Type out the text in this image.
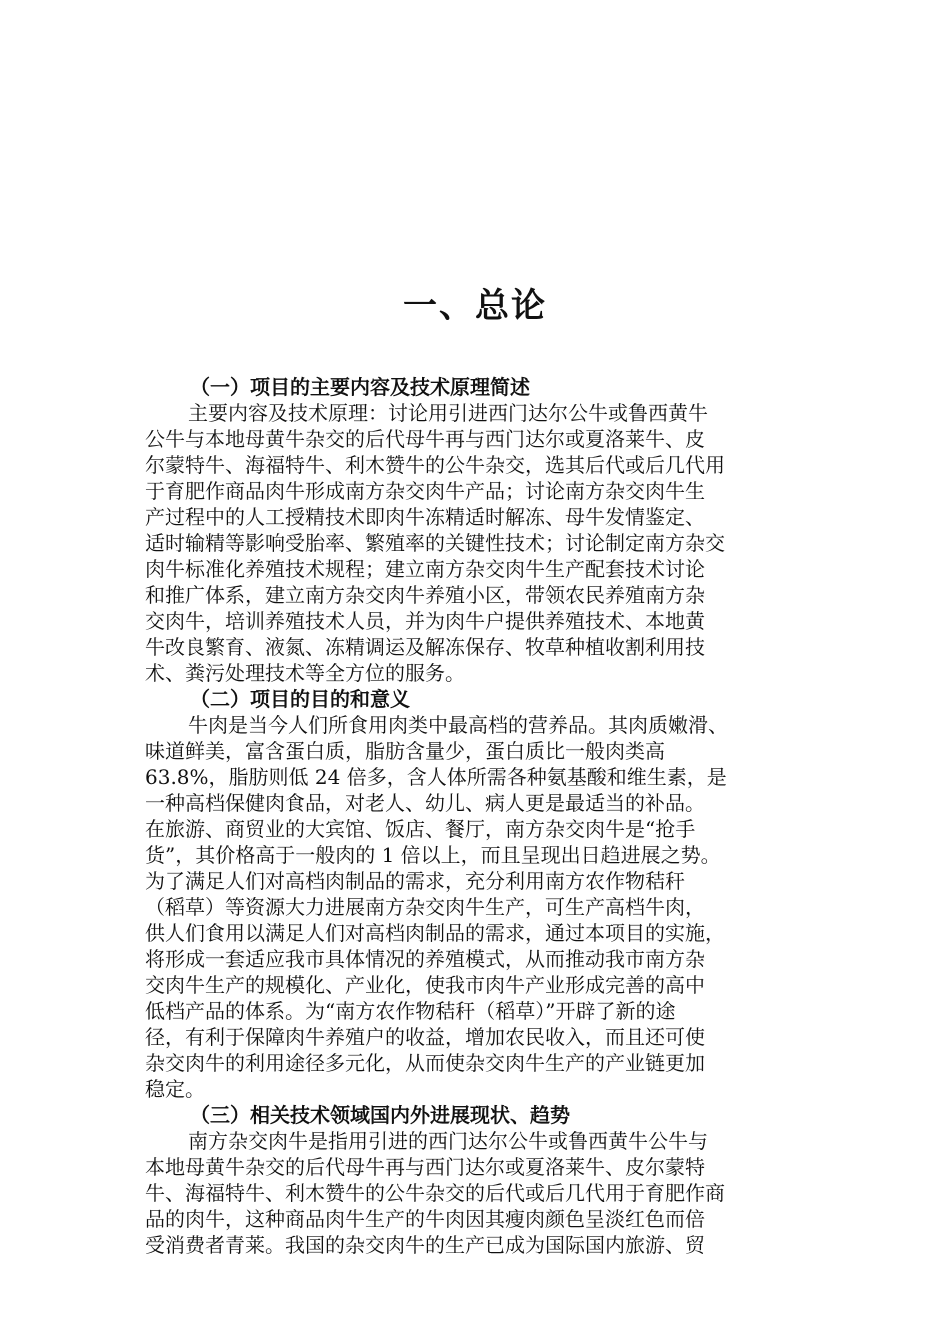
一、总论
（一）项目的主要内容及技术原理简述
主要内容及技术原理：讨论用引进西门达尔公牛或鲁西黄牛
公牛与本地母黄牛杂交的后代母牛再与西门达尔或夏洛莱牛、皮
尔蒙特牛、海福特牛、利木赞牛的公牛杂交，选其后代或后几代用
于育肥作商品肉牛形成南方杂交肉牛产品；讨论南方杂交肉牛生
产过程中的人工授精技术即肉牛冻精适时解冻、母牛发情鉴定、
适时输精等影响受胎率、繁殖率的关键性技术；讨论制定南方杂交
肉牛标准化养殖技术规程；建立南方杂交肉牛生产配套技术讨论
和推广体系，建立南方杂交肉牛养殖小区，带领农民养殖南方杂
交肉牛，培训养殖技术人员，并为肉牛户提供养殖技术、本地黄
牛改良繁育、液氮、冻精调运及解冻保存、牧草种植收割利用技
术、粪污处理技术等全方位的服务。
（二）项目的目的和意义
牛肉是当今人们所食用肉类中最高档的营养品。其肉质嫩滑、
味道鲜美，富含蛋白质，脂肪含量少，蛋白质比一般肉类高
63.8%，脂肪则低 24 倍多，含人体所需各种氨基酸和维生素，是
一种高档保健肉食品，对老人、幼儿、病人更是最适当的补品。
在旅游、商贸业的大宾馆、饭店、餐厅，南方杂交肉牛是“抢手
货”，其价格高于一般肉的 1 倍以上，而且呈现出日趋进展之势。
为了满足人们对高档肉制品的需求，充分利用南方农作物秸秆
（稻草）等资源大力进展南方杂交肉牛生产，可生产高档牛肉，
供人们食用以满足人们对高档肉制品的需求，通过本项目的实施，
将形成一套适应我市具体情况的养殖模式，从而推动我市南方杂
交肉牛生产的规模化、产业化，使我市肉牛产业形成完善的高中
低档产品的体系。为“南方农作物秸秆（稻草）”开辟了新的途
径，有利于保障肉牛养殖户的收益，增加农民收入，而且还可使
杂交肉牛的利用途径多元化，从而使杂交肉牛生产的产业链更加
稳定。
（三）相关技术领域国内外进展现状、趋势
南方杂交肉牛是指用引进的西门达尔公牛或鲁西黄牛公牛与
本地母黄牛杂交的后代母牛再与西门达尔或夏洛莱牛、皮尔蒙特
牛、海福特牛、利木赞牛的公牛杂交的后代或后几代用于育肥作商
品的肉牛，这种商品肉牛生产的牛肉因其瘦肉颜色呈淡红色而倍
受消费者青莱。我国的杂交肉牛的生产已成为国际国内旅游、贸
